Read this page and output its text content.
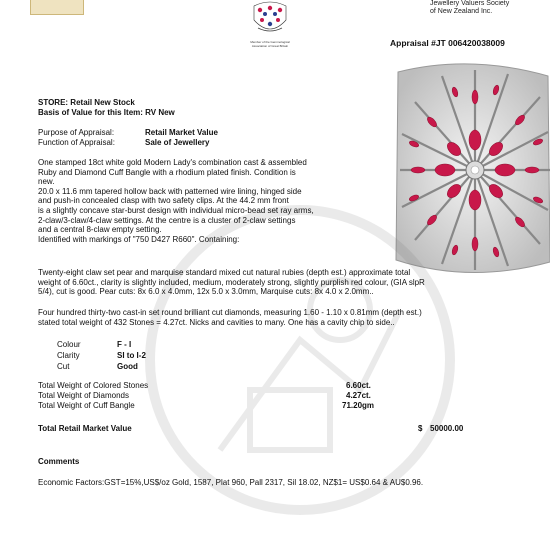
Member of the Gemmological Association of Great Britain
Jewellery Valuers Society
of New Zealand Inc.
Appraisal #JT 006420038009
STORE: Retail New Stock
Basis of Value for this Item: RV New
Purpose of Appraisal:	Retail Market Value
Function of Appraisal:	Sale of Jewellery
One stamped 18ct white gold Modern Lady's combination cast & assembled
Ruby and Diamond Cuff Bangle with a rhodium plated finish. Condition is
new.
20.0 x 11.6 mm tapered hollow back with patterned wire lining, hinged side
and push-in concealed clasp with two safety clips. At the 44.2 mm front
is a slightly concave star-burst design with individual micro-bead set ray arms,
2-claw/3-claw/4-claw settings. At the centre is a cluster of 2-claw settings
and a central 8-claw empty setting.
Identified with markings of "750 D427 R660". Containing:
Twenty-eight claw set pear and marquise standard mixed cut natural rubies (depth est.) approximate total
weight of 6.60ct., clarity is slightly included, medium, moderately strong, slightly purplish red colour, (GIA slpR
5/4), cut is good. Pear cuts: 8x 6.0 x 4.0mm, 12x 5.0 x 3.0mm, Marquise cuts: 8x 4.0 x 2.0mm..
Four hundred thirty-two cast-in set round brilliant cut diamonds, measuring 1.60 - 1.10 x 0.81mm (depth est.)
stated total weight of 432 Stones = 4.27ct. Nicks and cavities to many. One has a cavity chip to side..
Colour	F - I
Clarity	SI to I-2
Cut	Good
Total Weight of Colored Stones	6.60ct.
Total Weight of Diamonds	4.27ct.
Total Weight of Cuff Bangle	71.20gm
Total Retail Market Value	$ 50000.00
Comments
Economic Factors:GST=15%,US$/oz Gold, 1587, Plat 960, Pall 2317, Sil 18.02, NZ$1= US$0.64 & AU$0.96.
